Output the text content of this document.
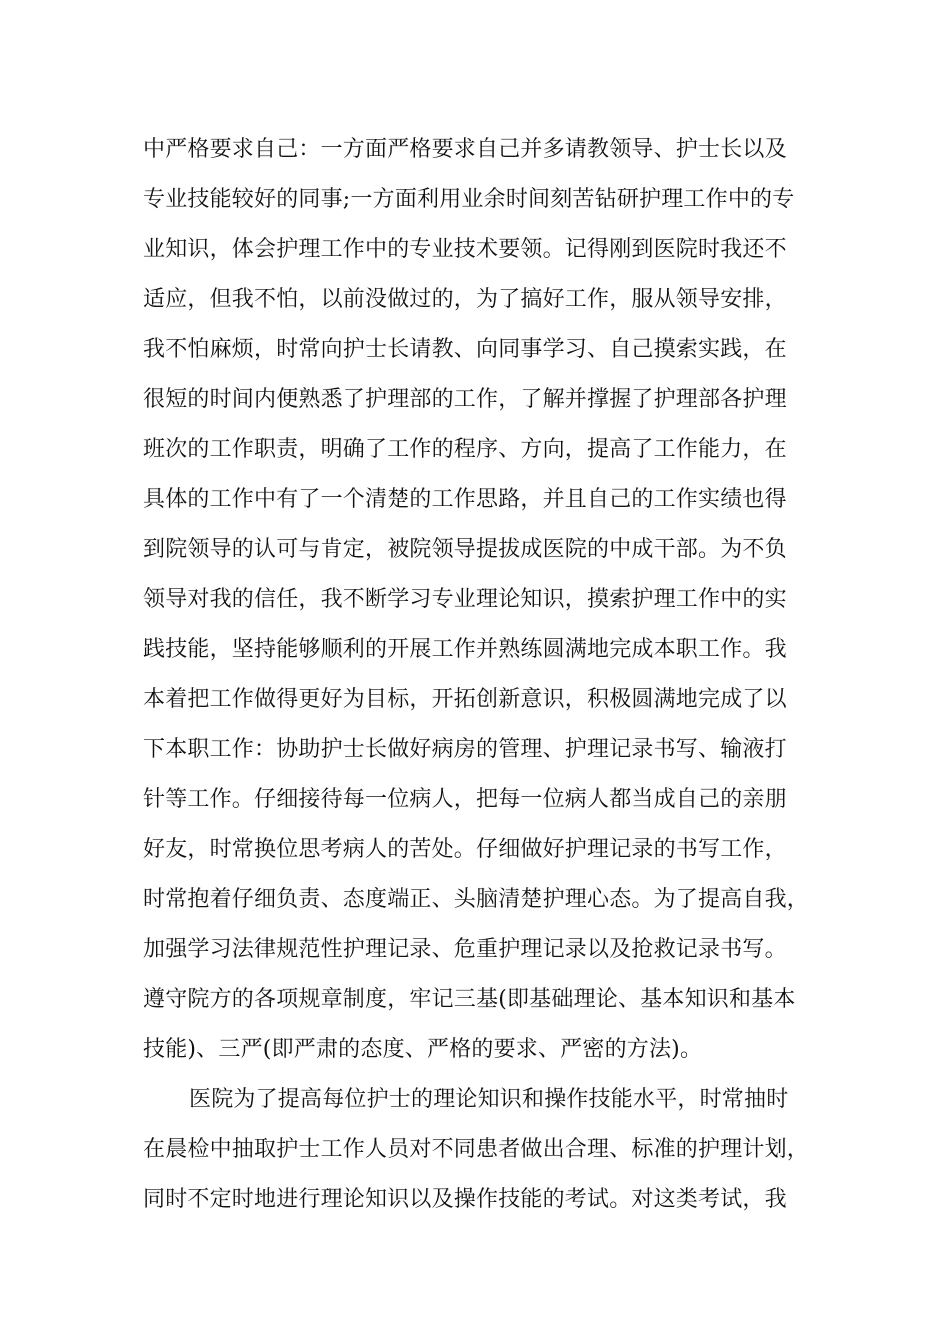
中严格要求自己：一方面严格要求自己并多请教领导、护士长以及
专业技能较好的同事;一方面利用业余时间刻苦钻研护理工作中的专
业知识，体会护理工作中的专业技术要领。记得刚到医院时我还不
适应，但我不怕，以前没做过的，为了搞好工作，服从领导安排，
我不怕麻烦，时常向护士长请教、向同事学习、自己摸索实践，在
很短的时间内便熟悉了护理部的工作，了解并撑握了护理部各护理
班次的工作职责，明确了工作的程序、方向，提高了工作能力，在
具体的工作中有了一个清楚的工作思路，并且自己的工作实绩也得
到院领导的认可与肯定，被院领导提拔成医院的中成干部。为不负
领导对我的信任，我不断学习专业理论知识，摸索护理工作中的实
践技能，坚持能够顺利的开展工作并熟练圆满地完成本职工作。我
本着把工作做得更好为目标，开拓创新意识，积极圆满地完成了以
下本职工作：协助护士长做好病房的管理、护理记录书写、输液打
针等工作。仔细接待每一位病人，把每一位病人都当成自己的亲朋
好友，时常换位思考病人的苦处。仔细做好护理记录的书写工作，
时常抱着仔细负责、态度端正、头脑清楚护理心态。为了提高自我，
加强学习法律规范性护理记录、危重护理记录以及抢救记录书写。
遵守院方的各项规章制度，牢记三基(即基础理论、基本知识和基本
技能)、三严(即严肃的态度、严格的要求、严密的方法)。
医院为了提高每位护士的理论知识和操作技能水平，时常抽时
在晨检中抽取护士工作人员对不同患者做出合理、标准的护理计划，
同时不定时地进行理论知识以及操作技能的考试。对这类考试，我
